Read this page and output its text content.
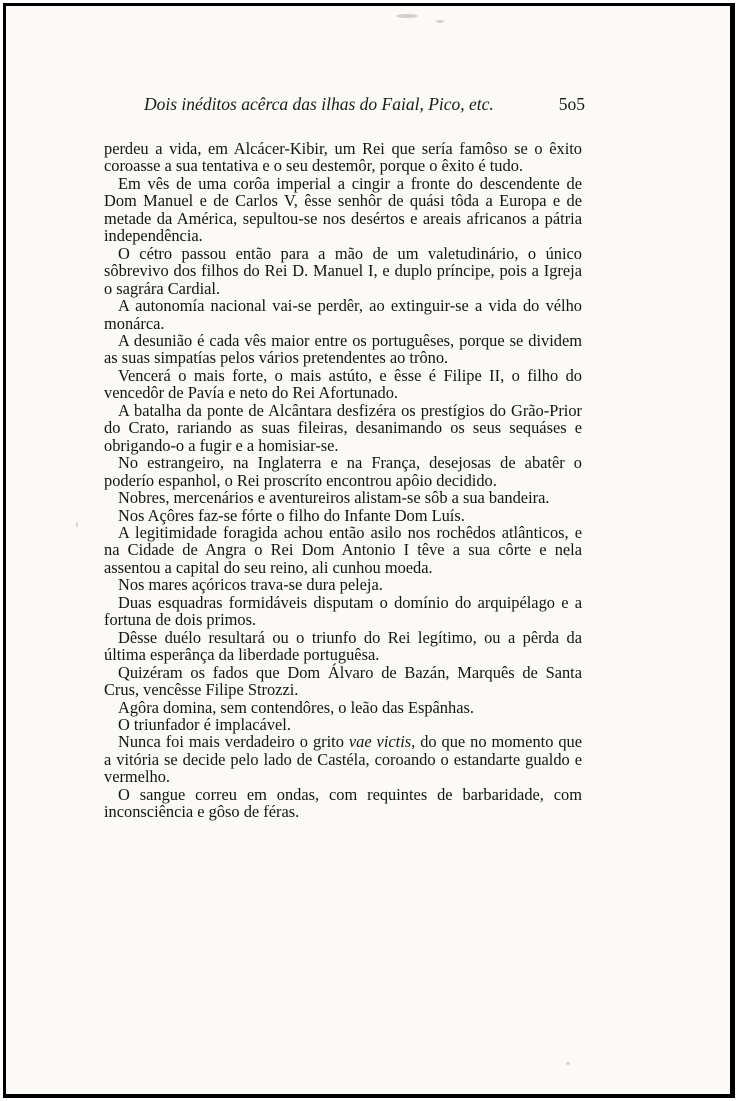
Dois inéditos acêrca das ilhas do Faial, Pico, etc.	5o5

perdeu a vida, em Alcácer-Kibir, um Rei que sería famôso se o êxito coroasse a sua tentativa e o seu destemôr, porque o êxito é tudo.

Em vês de uma corôa imperial a cingir a fronte do descendente de Dom Manuel e de Carlos V, êsse senhôr de quási tôda a Europa e de metade da América, sepultou-se nos desértos e areais africanos a pátria independência.

O cétro passou então para a mão de um valetudinário, o único sôbrevivo dos filhos do Rei D. Manuel I, e duplo príncipe, pois a Igreja o sagrára Cardial.

A autonomía nacional vai-se perdêr, ao extinguir-se a vida do vélho monárca.

A desunião é cada vês maior entre os portuguêses, porque se dividem as suas simpatías pelos vários pretendentes ao trôno.

Vencerá o mais forte, o mais astúto, e êsse é Filipe II, o filho do vencedôr de Pavía e neto do Rei Afortunado.

A batalha da ponte de Alcântara desfizéra os prestígios do Grão-Prior do Crato, rariando as suas fileiras, desanimando os seus sequáses e obrigando-o a fugir e a homisiar-se.

No estrangeiro, na Inglaterra e na França, desejosas de abatêr o poderío espanhol, o Rei proscríto encontrou apôio decidido.

Nobres, mercenários e aventureiros alistam-se sôb a sua bandeira.

Nos Açôres faz-se fórte o filho do Infante Dom Luís.

A legitimidade foragida achou então asilo nos rochêdos atlânticos, e na Cidade de Angra o Rei Dom Antonio I têve a sua côrte e nela assentou a capital do seu reino, ali cunhou moeda.

Nos mares açóricos trava-se dura peleja.

Duas esquadras formidáveis disputam o domínio do arquipélago e a fortuna de dois primos.

Dêsse duélo resultará ou o triunfo do Rei legítimo, ou a pêrda da última esperânça da liberdade portuguêsa.

Quizéram os fados que Dom Álvaro de Bazán, Marquês de Santa Crus, vencêsse Filipe Strozzi.

Agôra domina, sem contendôres, o leão das Espânhas.

O triunfador é implacável.

Nunca foi mais verdadeiro o grito vae victis, do que no momento que a vitória se decide pelo lado de Castéla, coroando o estandarte gualdo e vermelho.

O sangue correu em ondas, com requintes de barbaridade, com inconsciência e gôso de féras.
